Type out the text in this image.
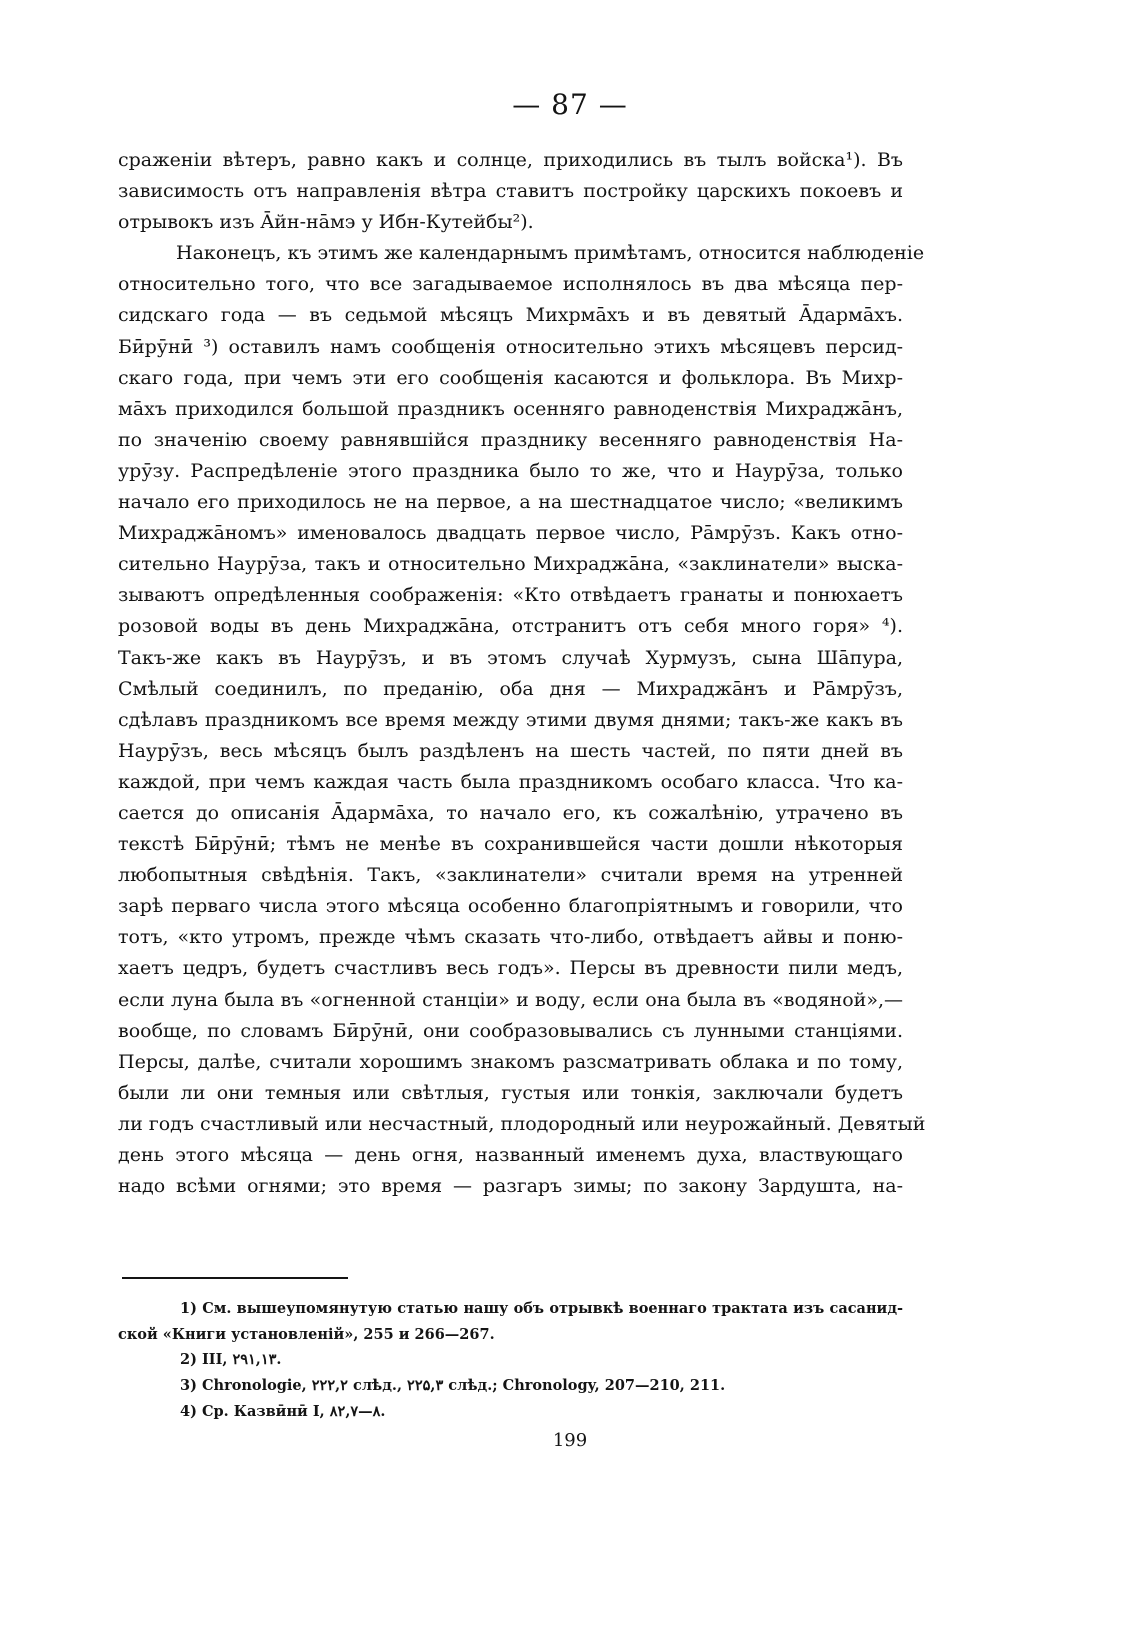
— 87 —
сраженіи вѣтеръ, равно какъ и солнце, приходились въ тылъ войска¹). Въ
зависимость отъ направленія вѣтра ставитъ постройку царскихъ покоевъ и
отрывокъ изъ Āйн-нāмэ у Ибн-Кутейбы²).
Наконецъ, къ этимъ же календарнымъ примѣтамъ, относится наблюденіе
относительно того, что все загадываемое исполнялось въ два мѣсяца пер-
сидскаго года — въ седьмой мѣсяцъ Михрмāхъ и въ девятый Āдармāхъ.
Бӣрӯнӣ ³) оставилъ намъ сообщенія относительно этихъ мѣсяцевъ персид-
скаго года, при чемъ эти его сообщенія касаются и фольклора. Въ Михр-
мāхъ приходился большой праздникъ осенняго равноденствія Михраджāнъ,
по значенію своему равнявшійся празднику весенняго равноденствія На-
урӯзу. Распредѣленіе этого праздника было то же, что и Наурӯза, только
начало его приходилось не на первое, а на шестнадцатое число; «великимъ
Михраджāномъ» именовалось двадцать первое число, Рāмрӯзъ. Какъ отно-
сительно Наурӯза, такъ и относительно Михраджāна, «заклинатели» выска-
зываютъ опредѣленныя соображенія: «Кто отвѣдаетъ гранаты и понюхаетъ
розовой воды въ день Михраджāна, отстранитъ отъ себя много горя» ⁴).
Такъ-же какъ въ Наурӯзъ, и въ этомъ случаѣ Хурмузъ, сына Шāпура,
Смѣлый соединилъ, по преданію, оба дня — Михраджāнъ и Рāмрӯзъ,
сдѣлавъ праздникомъ все время между этими двумя днями; такъ-же какъ въ
Наурӯзъ, весь мѣсяцъ былъ раздѣленъ на шесть частей, по пяти дней въ
каждой, при чемъ каждая часть была праздникомъ особаго класса. Что ка-
сается до описанія Āдармāха, то начало его, къ сожалѣнію, утрачено въ
текстѣ Бӣрӯнӣ; тѣмъ не менѣе въ сохранившейся части дошли нѣкоторыя
любопытныя свѣдѣнія. Такъ, «заклинатели» считали время на утренней
зарѣ перваго числа этого мѣсяца особенно благопріятнымъ и говорили, что
тотъ, «кто утромъ, прежде чѣмъ сказать что-либо, отвѣдаетъ айвы и поню-
хаетъ цедръ, будетъ счастливъ весь годъ». Персы въ древности пили медъ,
если луна была въ «огненной станціи» и воду, если она была въ «водяной»,—
вообще, по словамъ Бӣрӯнӣ, они сообразовывались съ лунными станціями.
Персы, далѣе, считали хорошимъ знакомъ разсматривать облака и по тому,
были ли они темныя или свѣтлыя, густыя или тонкія, заключали будетъ
ли годъ счастливый или несчастный, плодородный или неурожайный. Девятый
день этого мѣсяца — день огня, названный именемъ духа, властвующаго
надо всѣми огнями; это время — разгаръ зимы; по закону Зардушта, на-
1) См. вышеупомянутую статью нашу объ отрывкѣ военнаго трактата изъ сасанид-
ской «Книги установленій», 255 и 266—267.
2) III, ۲۹۱,۱۳.
3) Chronologie, ۲۲۲,۲ слѣд., ۲۲۵,۳ слѣд.; Chronology, 207—210, 211.
4) Ср. Казвӣнӣ I, ۸۲,۷—۸.
199
